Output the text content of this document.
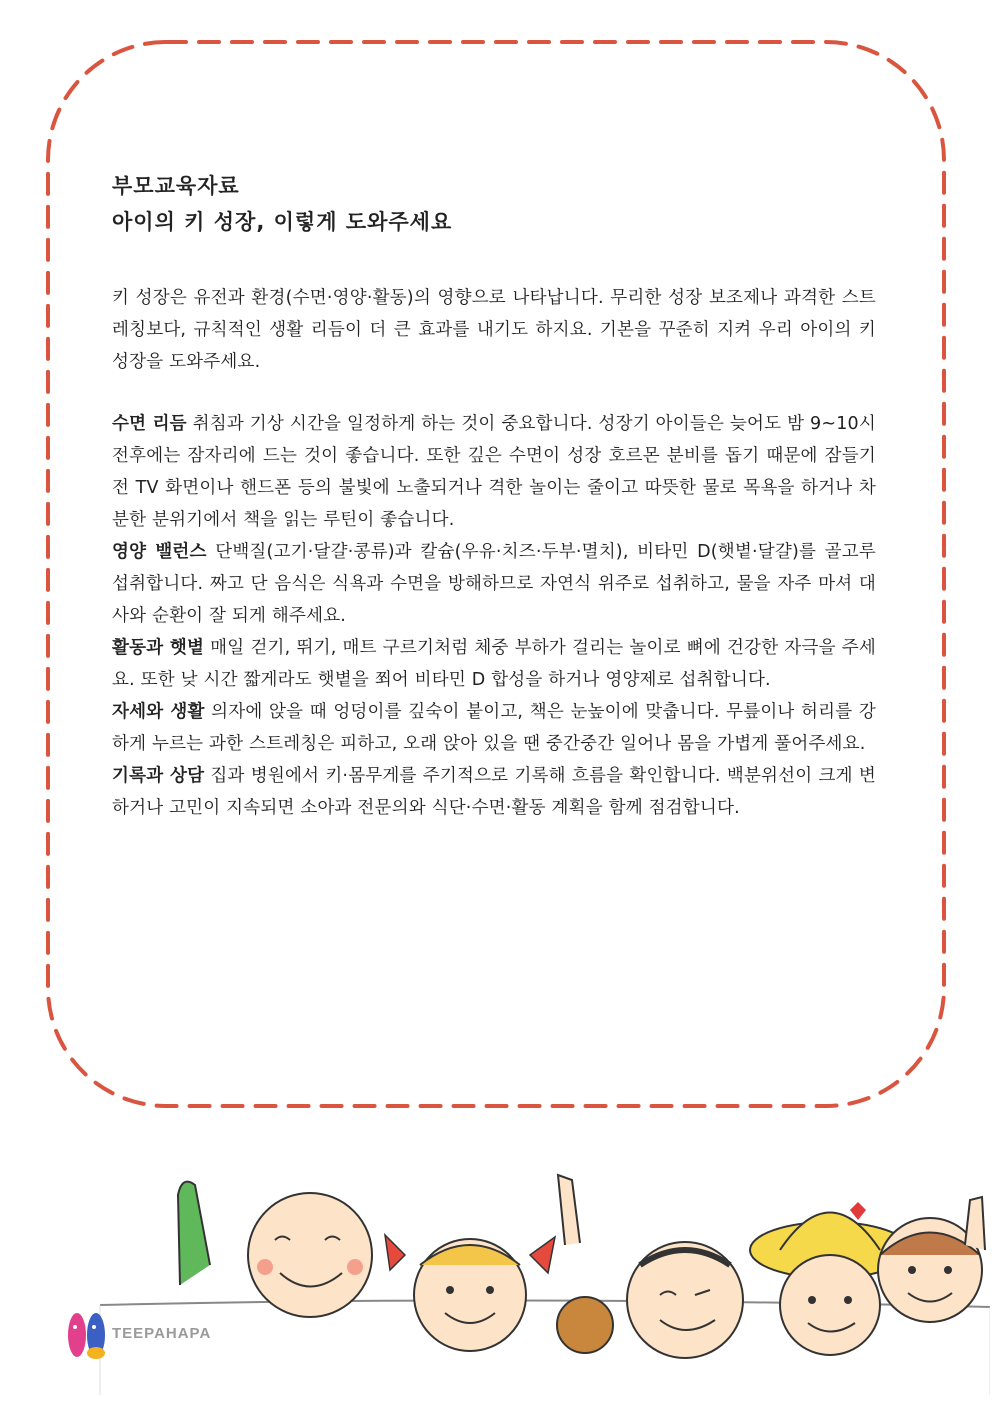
부모교육자료

아이의 키 성장, 이렇게 도와주세요

키 성장은 유전과 환경(수면·영양·활동)의 영향으로 나타납니다. 무리한 성장 보조제나 과격한 스트레칭보다, 규칙적인 생활 리듬이 더 큰 효과를 내기도 하지요. 기본을 꾸준히 지켜 우리 아이의 키 성장을 도와주세요.
수면 리듬 취침과 기상 시간을 일정하게 하는 것이 중요합니다. 성장기 아이들은 늦어도 밤 9~10시 전후에는 잠자리에 드는 것이 좋습니다. 또한 깊은 수면이 성장 호르몬 분비를 돕기 때문에 잠들기 전 TV 화면이나 핸드폰 등의 불빛에 노출되거나 격한 놀이는 줄이고 따뜻한 물로 목욕을 하거나 차분한 분위기에서 책을 읽는 루틴이 좋습니다.
영양 밸런스 단백질(고기·달걀·콩류)과 칼슘(우유·치즈·두부·멸치), 비타민 D(햇볕·달걀)를 골고루 섭취합니다. 짜고 단 음식은 식욕과 수면을 방해하므로 자연식 위주로 섭취하고, 물을 자주 마셔 대사와 순환이 잘 되게 해주세요.
활동과 햇볕 매일 걷기, 뛰기, 매트 구르기처럼 체중 부하가 걸리는 놀이로 뼈에 건강한 자극을 주세요. 또한 낮 시간 짧게라도 햇볕을 쬐어 비타민 D 합성을 하거나 영양제로 섭취합니다.
자세와 생활 의자에 앉을 때 엉덩이를 깊숙이 붙이고, 책은 눈높이에 맞춥니다. 무릎이나 허리를 강하게 누르는 과한 스트레칭은 피하고, 오래 앉아 있을 땐 중간중간 일어나 몸을 가볍게 풀어주세요.
기록과 상담 집과 병원에서 키·몸무게를 주기적으로 기록해 흐름을 확인합니다. 백분위선이 크게 변하거나 고민이 지속되면 소아과 전문의와 식단·수면·활동 계획을 함께 점검합니다.
TEEPAHAPA
